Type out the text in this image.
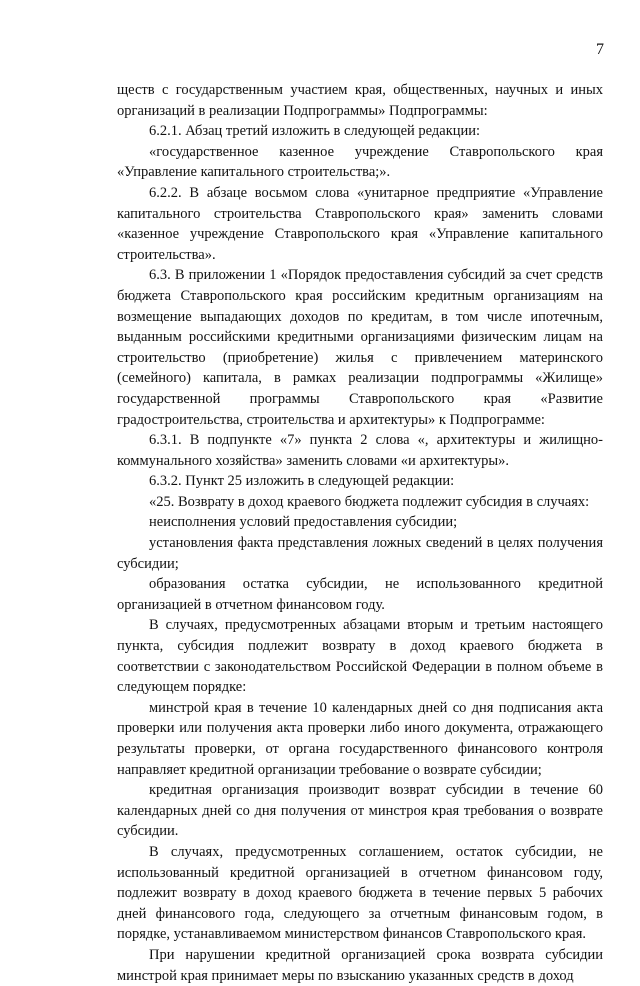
7

ществ с государственным участием края, общественных, научных и иных организаций в реализации Подпрограммы» Подпрограммы:

6.2.1. Абзац третий изложить в следующей редакции:

«государственное казенное учреждение Ставропольского края «Управление капитального строительства;».

6.2.2. В абзаце восьмом слова «унитарное предприятие «Управление капитального строительства Ставропольского края» заменить словами «казенное учреждение Ставропольского края «Управление капитального строительства».

6.3. В приложении 1 «Порядок предоставления субсидий за счет средств бюджета Ставропольского края российским кредитным организациям на возмещение выпадающих доходов по кредитам, в том числе ипотечным, выданным российскими кредитными организациями физическим лицам на строительство (приобретение) жилья с привлечением материнского (семейного) капитала, в рамках реализации подпрограммы «Жилище» государственной программы Ставропольского края «Развитие градостроительства, строительства и архитектуры» к Подпрограмме:

6.3.1. В подпункте «7» пункта 2 слова «, архитектуры и жилищно-коммунального хозяйства» заменить словами «и архитектуры».

6.3.2. Пункт 25 изложить в следующей редакции:

«25. Возврату в доход краевого бюджета подлежит субсидия в случаях:

неисполнения условий предоставления субсидии;

установления факта представления ложных сведений в целях получения субсидии;

образования остатка субсидии, не использованного кредитной организацией в отчетном финансовом году.

В случаях, предусмотренных абзацами вторым и третьим настоящего пункта, субсидия подлежит возврату в доход краевого бюджета в соответствии с законодательством Российской Федерации в полном объеме в следующем порядке:

минстрой края в течение 10 календарных дней со дня подписания акта проверки или получения акта проверки либо иного документа, отражающего результаты проверки, от органа государственного финансового контроля направляет кредитной организации требование о возврате субсидии;

кредитная организация производит возврат субсидии в течение 60 календарных дней со дня получения от минстроя края требования о возврате субсидии.

В случаях, предусмотренных соглашением, остаток субсидии, не использованный кредитной организацией в отчетном финансовом году, подлежит возврату в доход краевого бюджета в течение первых 5 рабочих дней финансового года, следующего за отчетным финансовым годом, в порядке, устанавливаемом министерством финансов Ставропольского края.

При нарушении кредитной организацией срока возврата субсидии минстрой края принимает меры по взысканию указанных средств в доход
